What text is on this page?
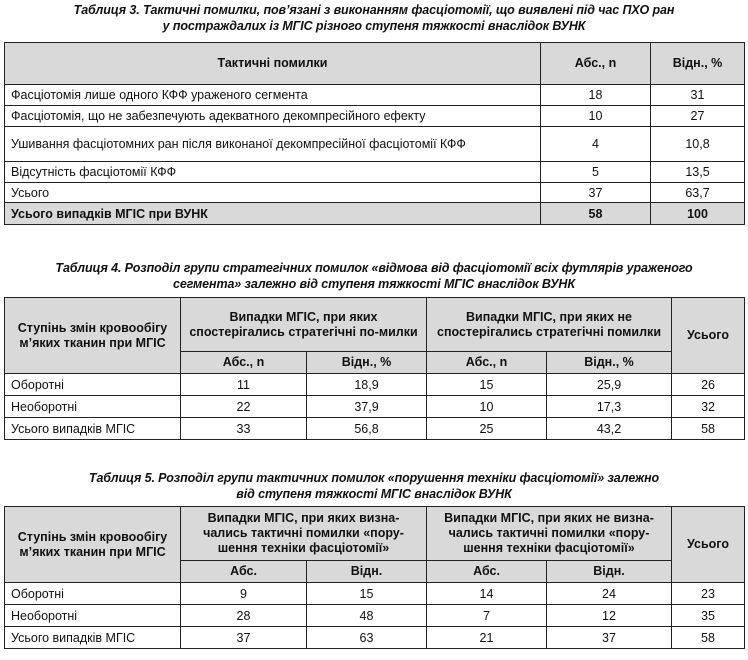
Таблиця 3. Тактичні помилки, пов’язані з виконанням фасціотомії, що виявлені під час ПХО ран
у постраждалих із МГІС різного ступеня тяжкості внаслідок ВУНК
Тактичні помилки	Абс., n	Відн., %
Фасціотомія лише одного КФФ ураженого сегмента	18	31
Фасціотомія, що не забезпечують адекватного декомпресійного ефекту	10	27
Ушивання фасціотомних ран після виконаної декомпресійної фасціотомії КФФ	4	10,8
Відсутність фасціотомії КФФ	5	13,5
Усього	37	63,7
Усього випадків МГІС при ВУНК	58	100
Таблиця 4. Розподіл групи стратегічних помилок «відмова від фасціотомії всіх футлярів ураженого
сегмента» залежно від ступеня тяжкості МГІС внаслідок ВУНК
Ступінь змін кровообігу м’яких тканин при МГІС	Випадки МГІС, при яких спостерігались стратегічні по-милки		Випадки МГІС, при яких не спостерігались стратегічні помилки		Усього
	Абс., n	Відн., %	Абс., n	Відн., %	
Оборотні	11	18,9	15	25,9	26
Необоротні	22	37,9	10	17,3	32
Усього випадків МГІС	33	56,8	25	43,2	58
Таблиця 5. Розподіл групи тактичних помилок «порушення техніки фасціотомії» залежно
від ступеня тяжкості МГІС внаслідок ВУНК
Ступінь змін кровообігу м’яких тканин при МГІС	Випадки МГІС, при яких визна-чались тактичні помилки «пору-шення техніки фасціотомії»		Випадки МГІС, при яких не визна-чались тактичні помилки «пору-шення техніки фасціотомії»		Усього
	Абс.	Відн.	Абс.	Відн.	
Оборотні	9	15	14	24	23
Необоротні	28	48	7	12	35
Усього випадків МГІС	37	63	21	37	58
